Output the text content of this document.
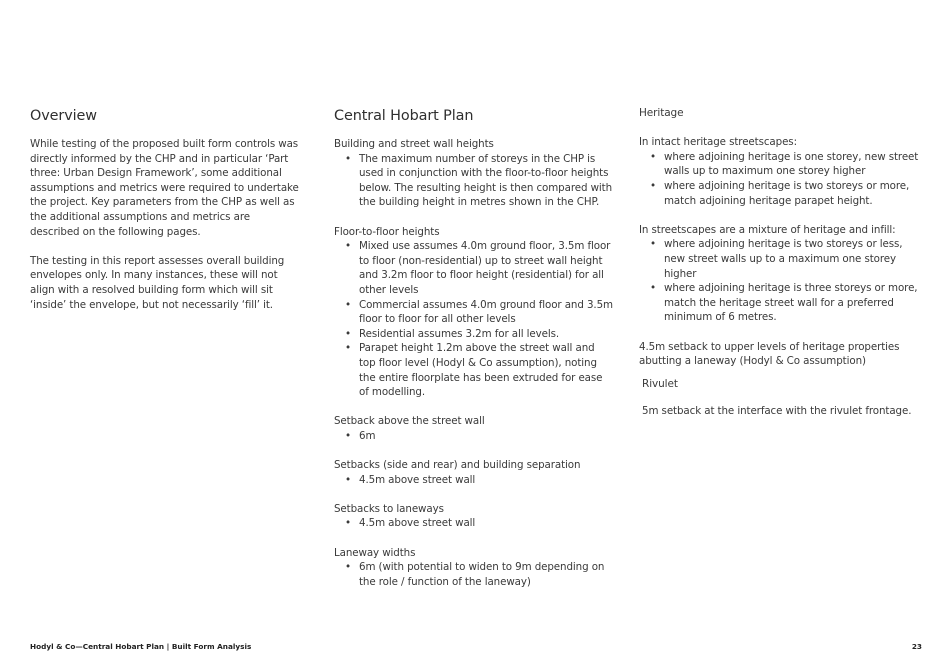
Overview

While testing of the proposed built form controls was directly informed by the CHP and in particular ‘Part three: Urban Design Framework’, some additional assumptions and metrics were required to undertake the project. Key parameters from the CHP as well as the additional assumptions and metrics are described on the following pages.

The testing in this report assesses overall building envelopes only. In many instances, these will not align with a resolved building form which will sit ‘inside’ the envelope, but not necessarily ‘fill’ it.

Central Hobart Plan

Building and street wall heights

• The maximum number of storeys in the CHP is used in conjunction with the floor-to-floor heights below. The resulting height is then compared with the building height in metres shown in the CHP.

Floor-to-floor heights

• Mixed use assumes 4.0m ground floor, 3.5m floor to floor (non-residential) up to street wall height and 3.2m floor to floor height (residential) for all other levels
• Commercial assumes 4.0m ground floor and 3.5m floor to floor for all other levels
• Residential assumes 3.2m for all levels.
• Parapet height 1.2m above the street wall and top floor level (Hodyl & Co assumption), noting the entire floorplate has been extruded for ease of modelling.

Setback above the street wall

• 6m

Setbacks (side and rear) and building separation

• 4.5m above street wall

Setbacks to laneways

• 4.5m above street wall

Laneway widths

• 6m (with potential to widen to 9m depending on the role / function of the laneway)
Heritage

In intact heritage streetscapes:

• where adjoining heritage is one storey, new street walls up to maximum one storey higher
• where adjoining heritage is two storeys or more, match adjoining heritage parapet height.

In streetscapes are a mixture of heritage and infill:

• where adjoining heritage is two storeys or less, new street walls up to a maximum one storey higher
• where adjoining heritage is three storeys or more, match the heritage street wall for a preferred minimum of 6 metres.

4.5m setback to upper levels of heritage properties abutting a laneway (Hodyl & Co assumption)

Rivulet

5m setback at the interface with the rivulet frontage.

Hodyl & Co—Central Hobart Plan | Built Form Analysis	23
